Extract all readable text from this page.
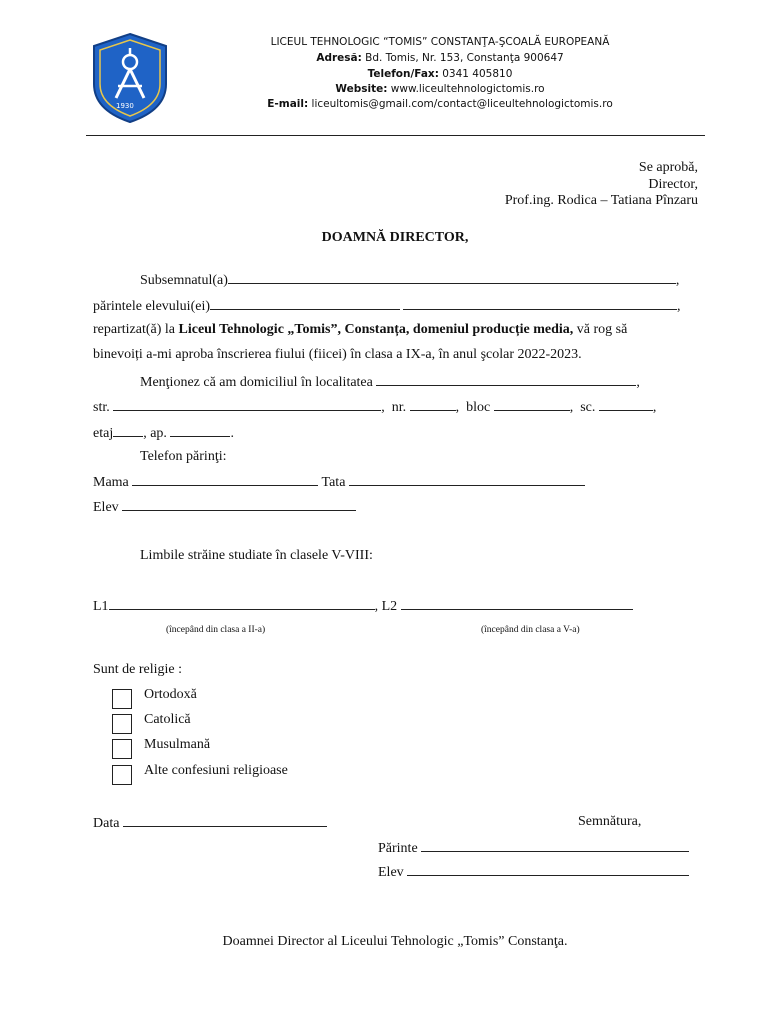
1930
LICEUL TEHNOLOGIC “TOMIS” CONSTANŢA-ŞCOALĂ EUROPEANĂ
Adresă: Bd. Tomis, Nr. 153, Constanţa 900647
Telefon/Fax: 0341 405810
Website: www.liceultehnologictomis.ro
E-mail: liceultomis@gmail.com/contact@liceultehnologictomis.ro
Se aprobă,
Director,
Prof.ing. Rodica – Tatiana Pînzaru
DOAMNĂ DIRECTOR,
Subsemnatul(a)	,
părintele elevului(ei)	,
repartizat(ă) la Liceul Tehnologic „Tomis”, Constanța, domeniul producție media, vă rog să
binevoiți a-mi aproba înscrierea fiului (fiicei) în clasa a IX-a, în anul şcolar 2022-2023.
Menţionez că am domiciliul în localitatea	,
str.	,  nr.	,  bloc	,  sc.	,
etaj , ap.	.
Telefon părinţi:
Mama	Tata
Elev
Limbile străine studiate în clasele V-VIII:
L1	, L2
(începând din clasa a II-a)	(începând din clasa a V-a)
Sunt de religie :
Ortodoxă
Catolică
Musulmană
Alte confesiuni religioase
Data	Semnătura,
Părinte
Elev
Doamnei Director al Liceului Tehnologic „Tomis” Constanţa.
